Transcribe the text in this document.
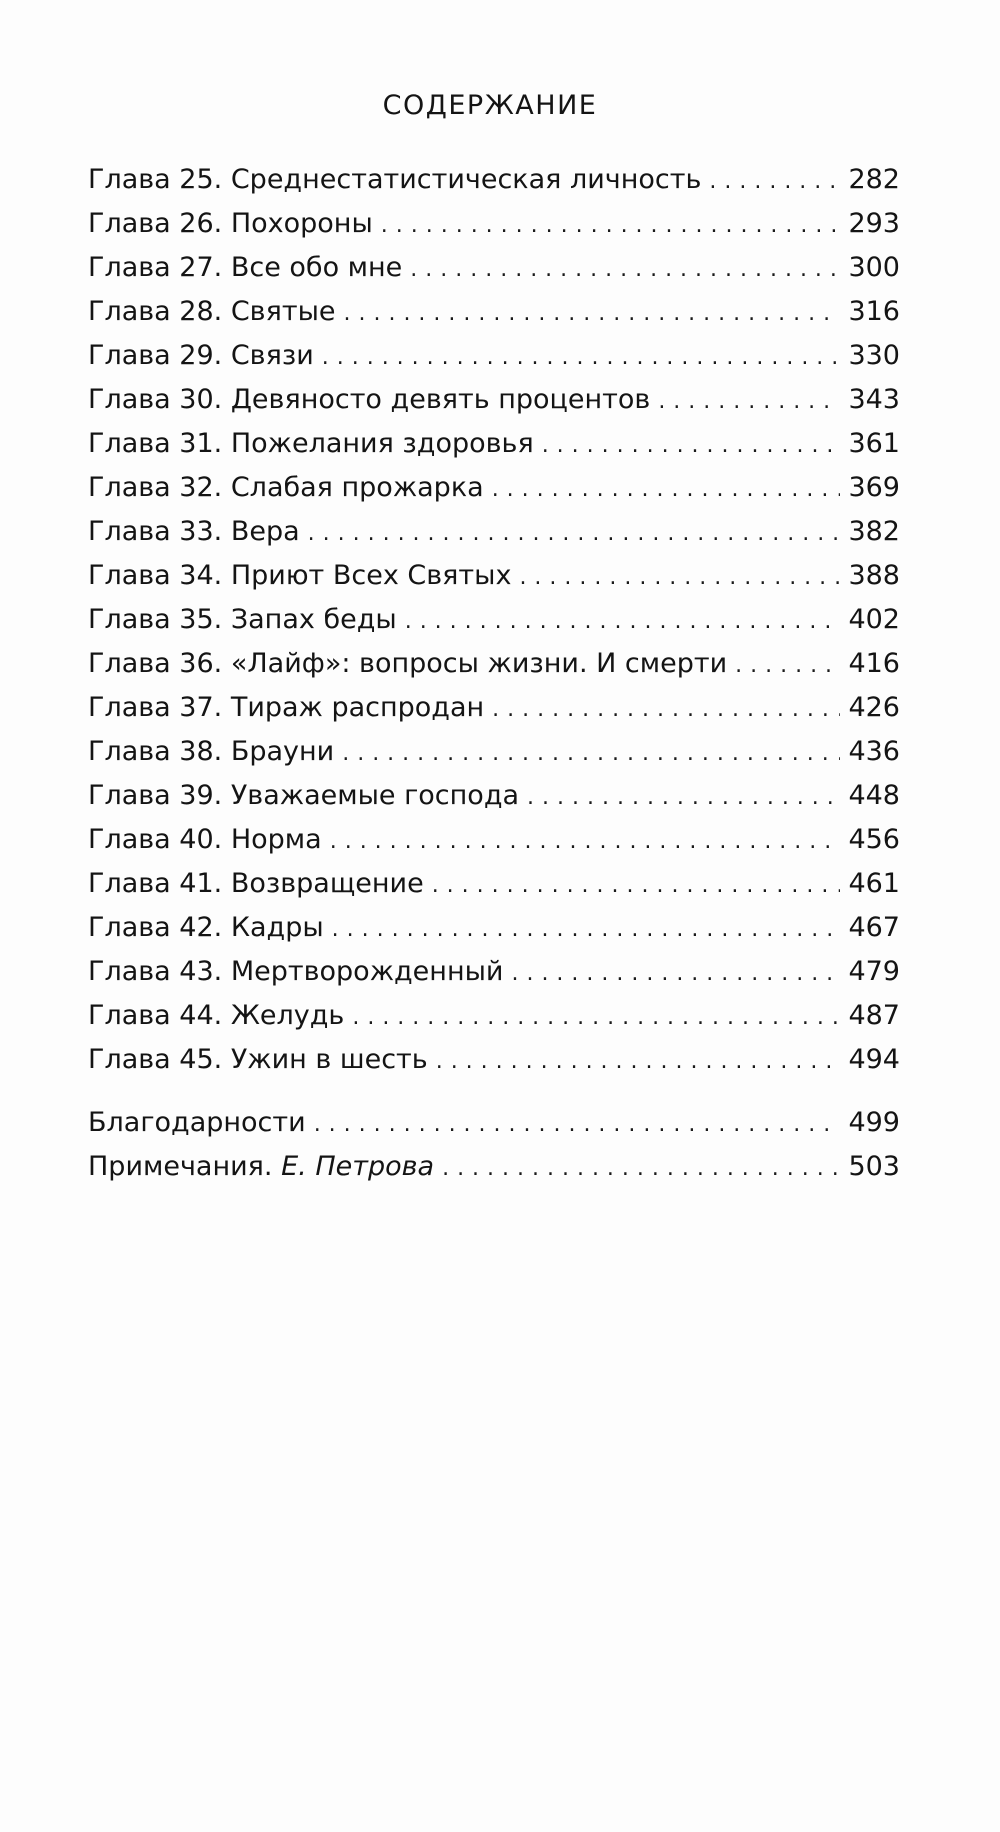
СОДЕРЖАНИЕ
Глава 25. Среднестатистическая личность . . .	282
Глава 26. Похороны . . .	293
Глава 27. Все обо мне . . .	300
Глава 28. Святые . . .	316
Глава 29. Связи . . .	330
Глава 30. Девяносто девять процентов . . .	343
Глава 31. Пожелания здоровья . . .	361
Глава 32. Слабая прожарка . . .	369
Глава 33. Вера . . .	382
Глава 34. Приют Всех Святых . . .	388
Глава 35. Запах беды . . .	402
Глава 36. «Лайф»: вопросы жизни. И смерти . . .	416
Глава 37. Тираж распродан . . .	426
Глава 38. Брауни . . .	436
Глава 39. Уважаемые господа . . .	448
Глава 40. Норма . . .	456
Глава 41. Возвращение . . .	461
Глава 42. Кадры . . .	467
Глава 43. Мертворожденный . . .	479
Глава 44. Желудь . . .	487
Глава 45. Ужин в шесть . . .	494
Благодарности . . .	499
Примечания. Е. Петрова . . .	503
